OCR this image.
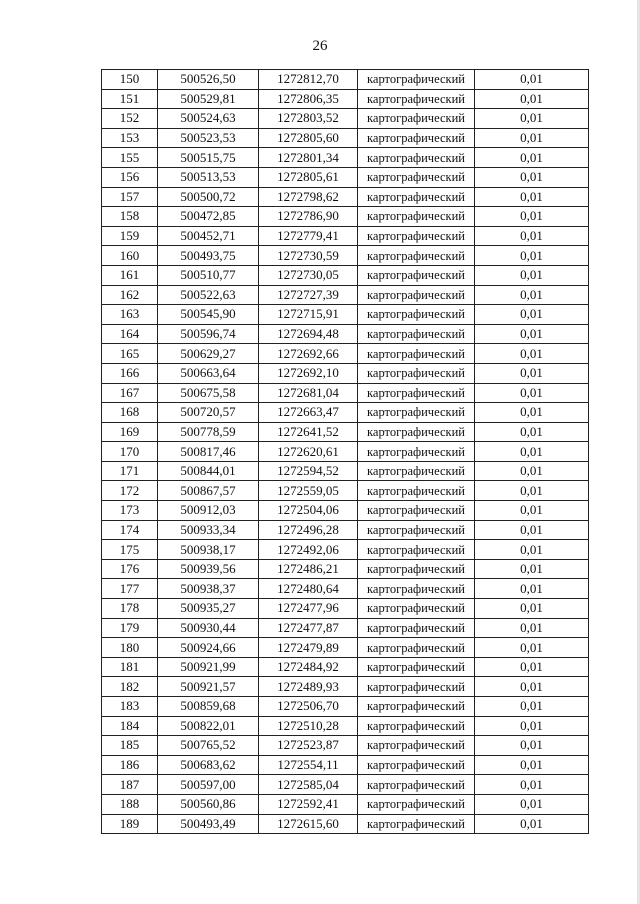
26
150	500526,50	1272812,70	картографический	0,01
151	500529,81	1272806,35	картографический	0,01
152	500524,63	1272803,52	картографический	0,01
153	500523,53	1272805,60	картографический	0,01
155	500515,75	1272801,34	картографический	0,01
156	500513,53	1272805,61	картографический	0,01
157	500500,72	1272798,62	картографический	0,01
158	500472,85	1272786,90	картографический	0,01
159	500452,71	1272779,41	картографический	0,01
160	500493,75	1272730,59	картографический	0,01
161	500510,77	1272730,05	картографический	0,01
162	500522,63	1272727,39	картографический	0,01
163	500545,90	1272715,91	картографический	0,01
164	500596,74	1272694,48	картографический	0,01
165	500629,27	1272692,66	картографический	0,01
166	500663,64	1272692,10	картографический	0,01
167	500675,58	1272681,04	картографический	0,01
168	500720,57	1272663,47	картографический	0,01
169	500778,59	1272641,52	картографический	0,01
170	500817,46	1272620,61	картографический	0,01
171	500844,01	1272594,52	картографический	0,01
172	500867,57	1272559,05	картографический	0,01
173	500912,03	1272504,06	картографический	0,01
174	500933,34	1272496,28	картографический	0,01
175	500938,17	1272492,06	картографический	0,01
176	500939,56	1272486,21	картографический	0,01
177	500938,37	1272480,64	картографический	0,01
178	500935,27	1272477,96	картографический	0,01
179	500930,44	1272477,87	картографический	0,01
180	500924,66	1272479,89	картографический	0,01
181	500921,99	1272484,92	картографический	0,01
182	500921,57	1272489,93	картографический	0,01
183	500859,68	1272506,70	картографический	0,01
184	500822,01	1272510,28	картографический	0,01
185	500765,52	1272523,87	картографический	0,01
186	500683,62	1272554,11	картографический	0,01
187	500597,00	1272585,04	картографический	0,01
188	500560,86	1272592,41	картографический	0,01
189	500493,49	1272615,60	картографический	0,01
